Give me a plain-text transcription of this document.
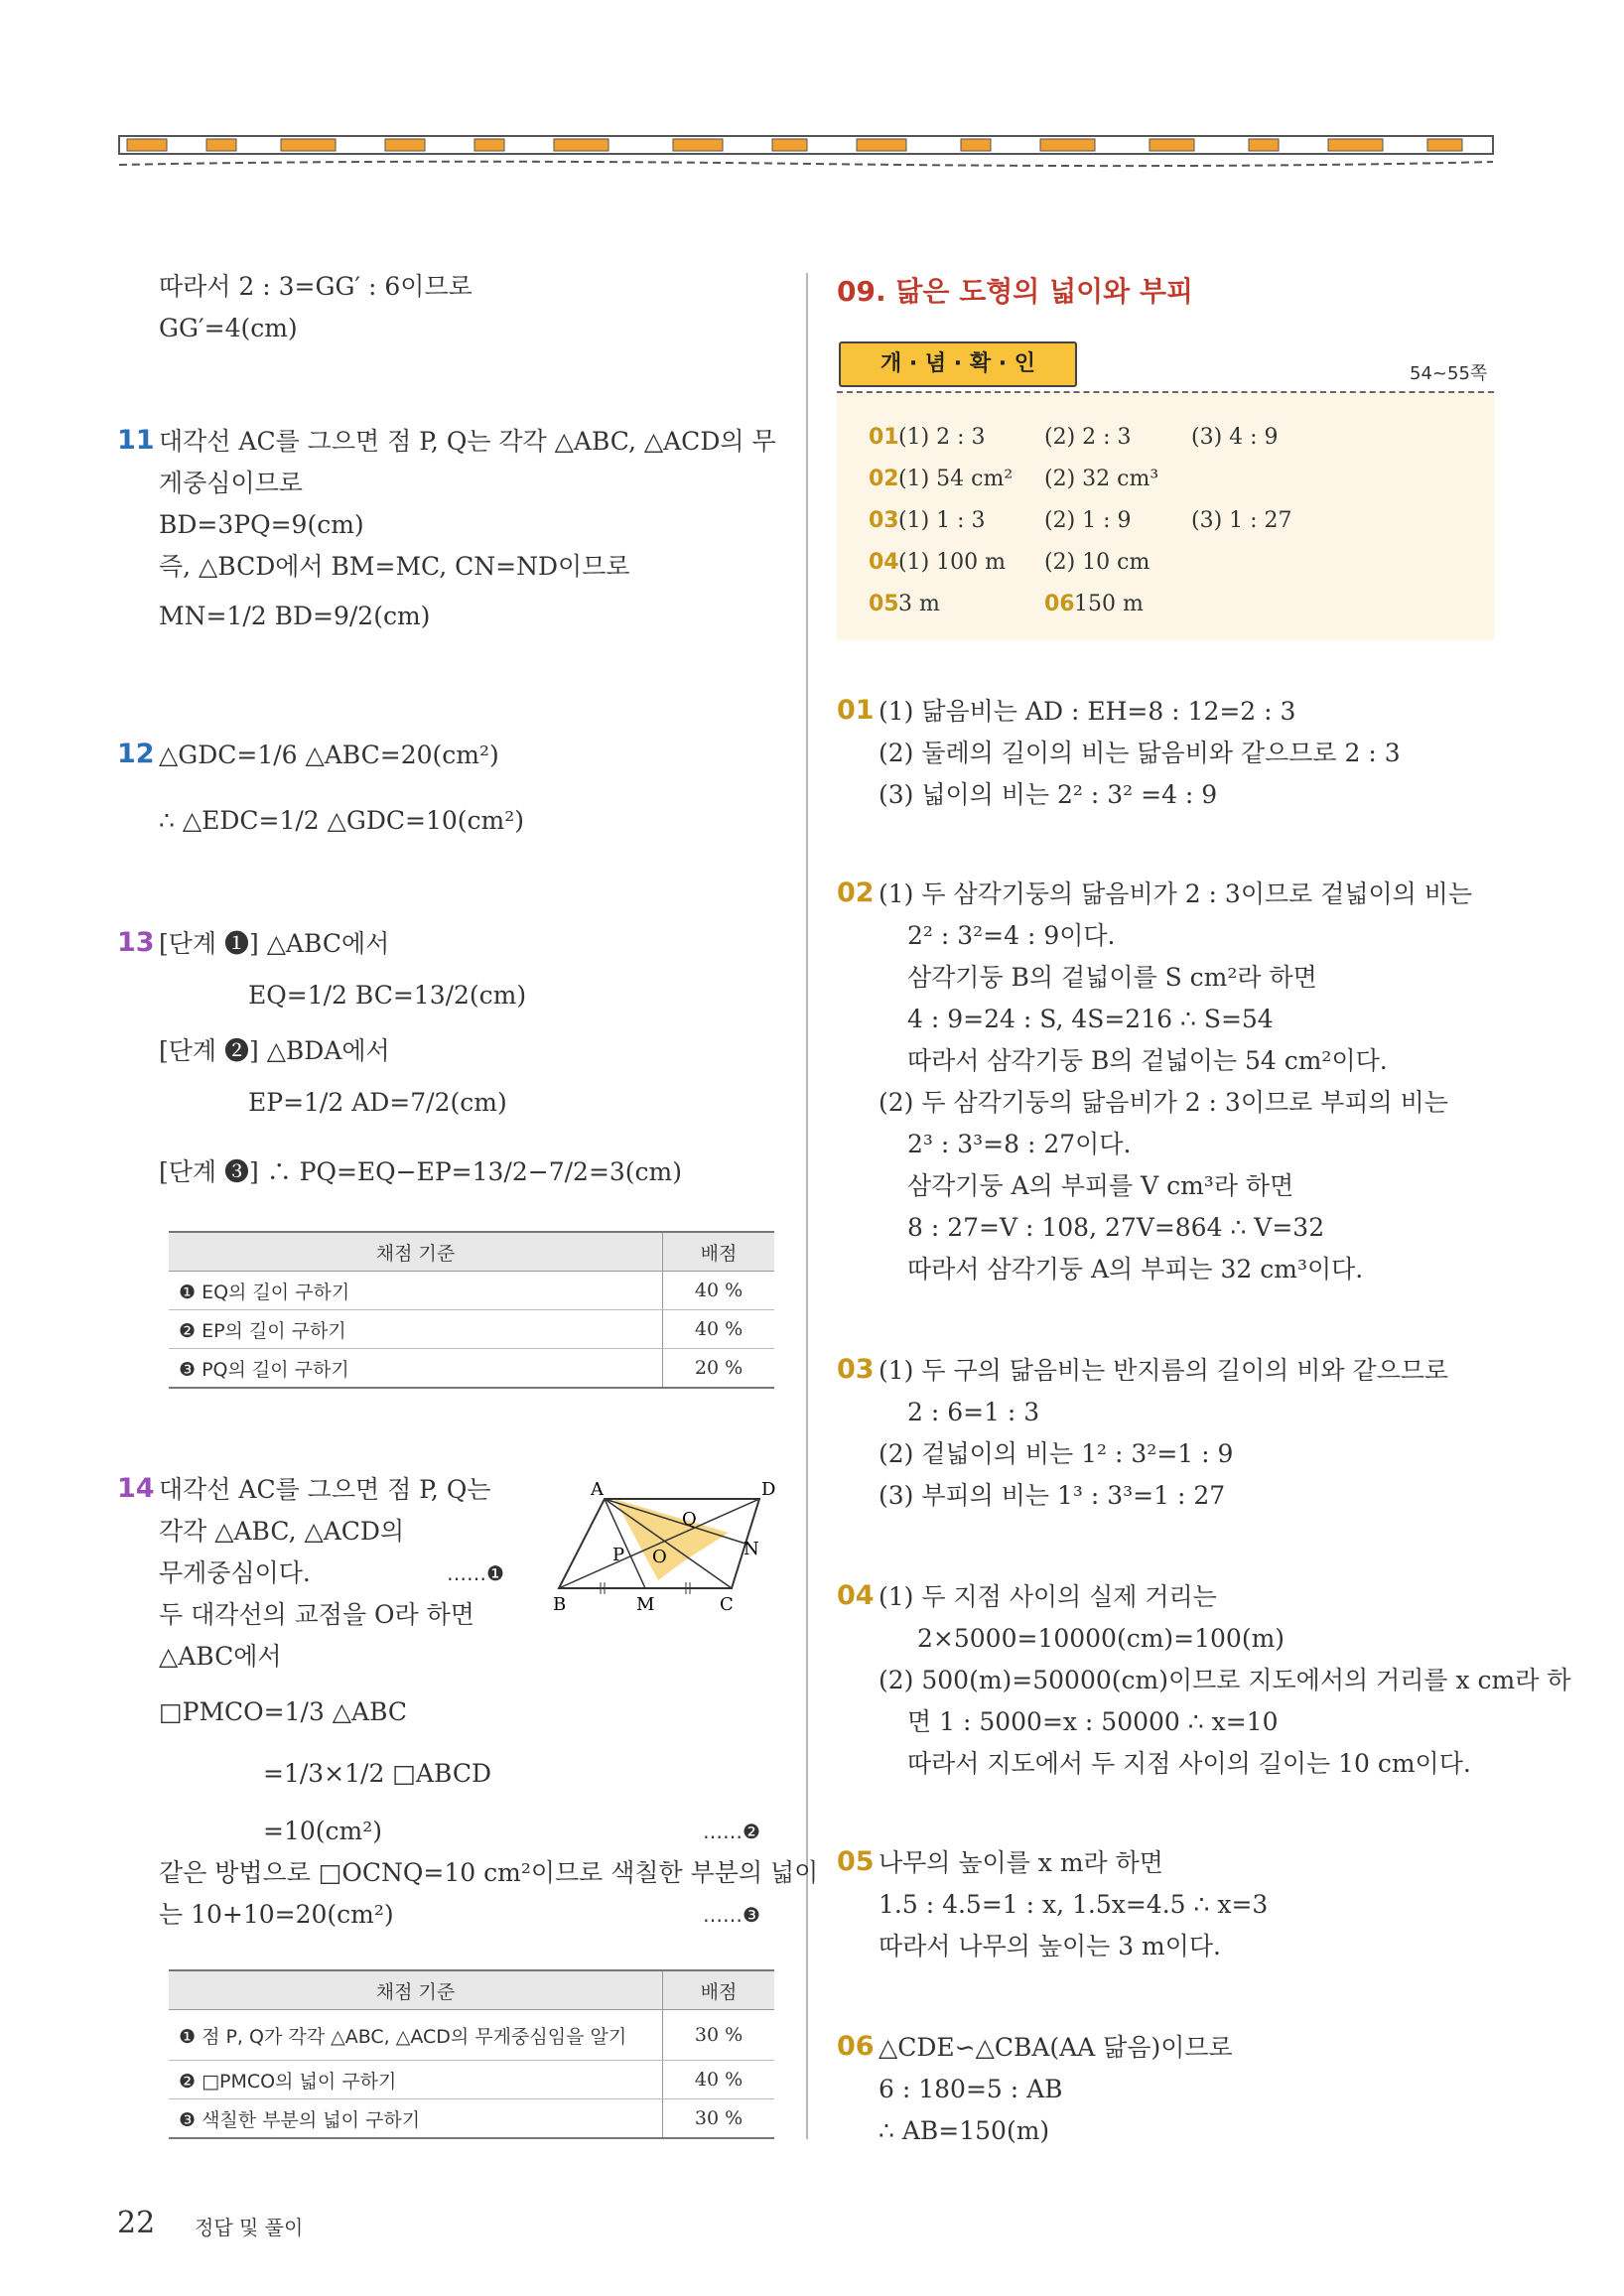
따라서 2 : 3=GG′ : 6이므로
GG′=4(cm)
11 대각선 AC를 그으면 점 P, Q는 각각 △ABC, △ACD의 무
게중심이므로
BD=3PQ=9(cm)
즉, △BCD에서 BM=MC, CN=ND이므로
MN=1/2 BD=9/2(cm)
12 △GDC=1/6 △ABC=20(cm²)
∴ △EDC=1/2 △GDC=10(cm²)
13 [단계 ❶] △ABC에서
EQ=1/2 BC=13/2(cm)
[단계 ❷] △BDA에서
EP=1/2 AD=7/2(cm)
[단계 ❸] ∴ PQ=EQ−EP=13/2−7/2=3(cm)
채점 기준	배점
❶ EQ의 길이 구하기	40 %
❷ EP의 길이 구하기	40 %
❸ PQ의 길이 구하기	20 %
14 대각선 AC를 그으면 점 P, Q는
각각 △ABC, △ACD의
무게중심이다.	……❶
두 대각선의 교점을 O라 하면
△ABC에서
□PMCO=1/3 △ABC
=1/3×1/2 □ABCD
=10(cm²)	……❷
같은 방법으로 □OCNQ=10 cm²이므로 색칠한 부분의 넓이
는 10+10=20(cm²)	……❸
A	D
Q
N
P O
B	M	C
채점 기준	배점
❶ 점 P, Q가 각각 △ABC, △ACD의 무게중심임을 알기	30 %
❷ □PMCO의 넓이 구하기	40 %
❸ 색칠한 부분의 넓이 구하기	30 %
09. 닮은 도형의 넓이와 부피
개 · 념 · 확 · 인	54~55쪽
01 (1) 2 : 3	(2) 2 : 3	(3) 4 : 9
02 (1) 54 cm² (2) 32 cm³
03 (1) 1 : 3	(2) 1 : 9	(3) 1 : 27
04 (1) 100 m (2) 10 cm
05 3 m	06 150 m
01 (1) 닮음비는 AD : EH=8 : 12=2 : 3
(2) 둘레의 길이의 비는 닮음비와 같으므로 2 : 3
(3) 넓이의 비는 2² : 3² =4 : 9
02 (1) 두 삼각기둥의 닮음비가 2 : 3이므로 겉넓이의 비는
2² : 3²=4 : 9이다.
삼각기둥 B의 겉넓이를 S cm²라 하면
4 : 9=24 : S, 4S=216 ∴ S=54
따라서 삼각기둥 B의 겉넓이는 54 cm²이다.
(2) 두 삼각기둥의 닮음비가 2 : 3이므로 부피의 비는
2³ : 3³=8 : 27이다.
삼각기둥 A의 부피를 V cm³라 하면
8 : 27=V : 108, 27V=864 ∴ V=32
따라서 삼각기둥 A의 부피는 32 cm³이다.
03 (1) 두 구의 닮음비는 반지름의 길이의 비와 같으므로
2 : 6=1 : 3
(2) 겉넓이의 비는 1² : 3²=1 : 9
(3) 부피의 비는 1³ : 3³=1 : 27
04 (1) 두 지점 사이의 실제 거리는
2×5000=10000(cm)=100(m)
(2) 500(m)=50000(cm)이므로 지도에서의 거리를 x cm라 하
면 1 : 5000=x : 50000 ∴ x=10
따라서 지도에서 두 지점 사이의 길이는 10 cm이다.
05 나무의 높이를 x m라 하면
1.5 : 4.5=1 : x, 1.5x=4.5 ∴ x=3
따라서 나무의 높이는 3 m이다.
06 △CDE∽△CBA(AA 닮음)이므로
6 : 180=5 : AB
∴ AB=150(m)
22 정답 및 풀이
